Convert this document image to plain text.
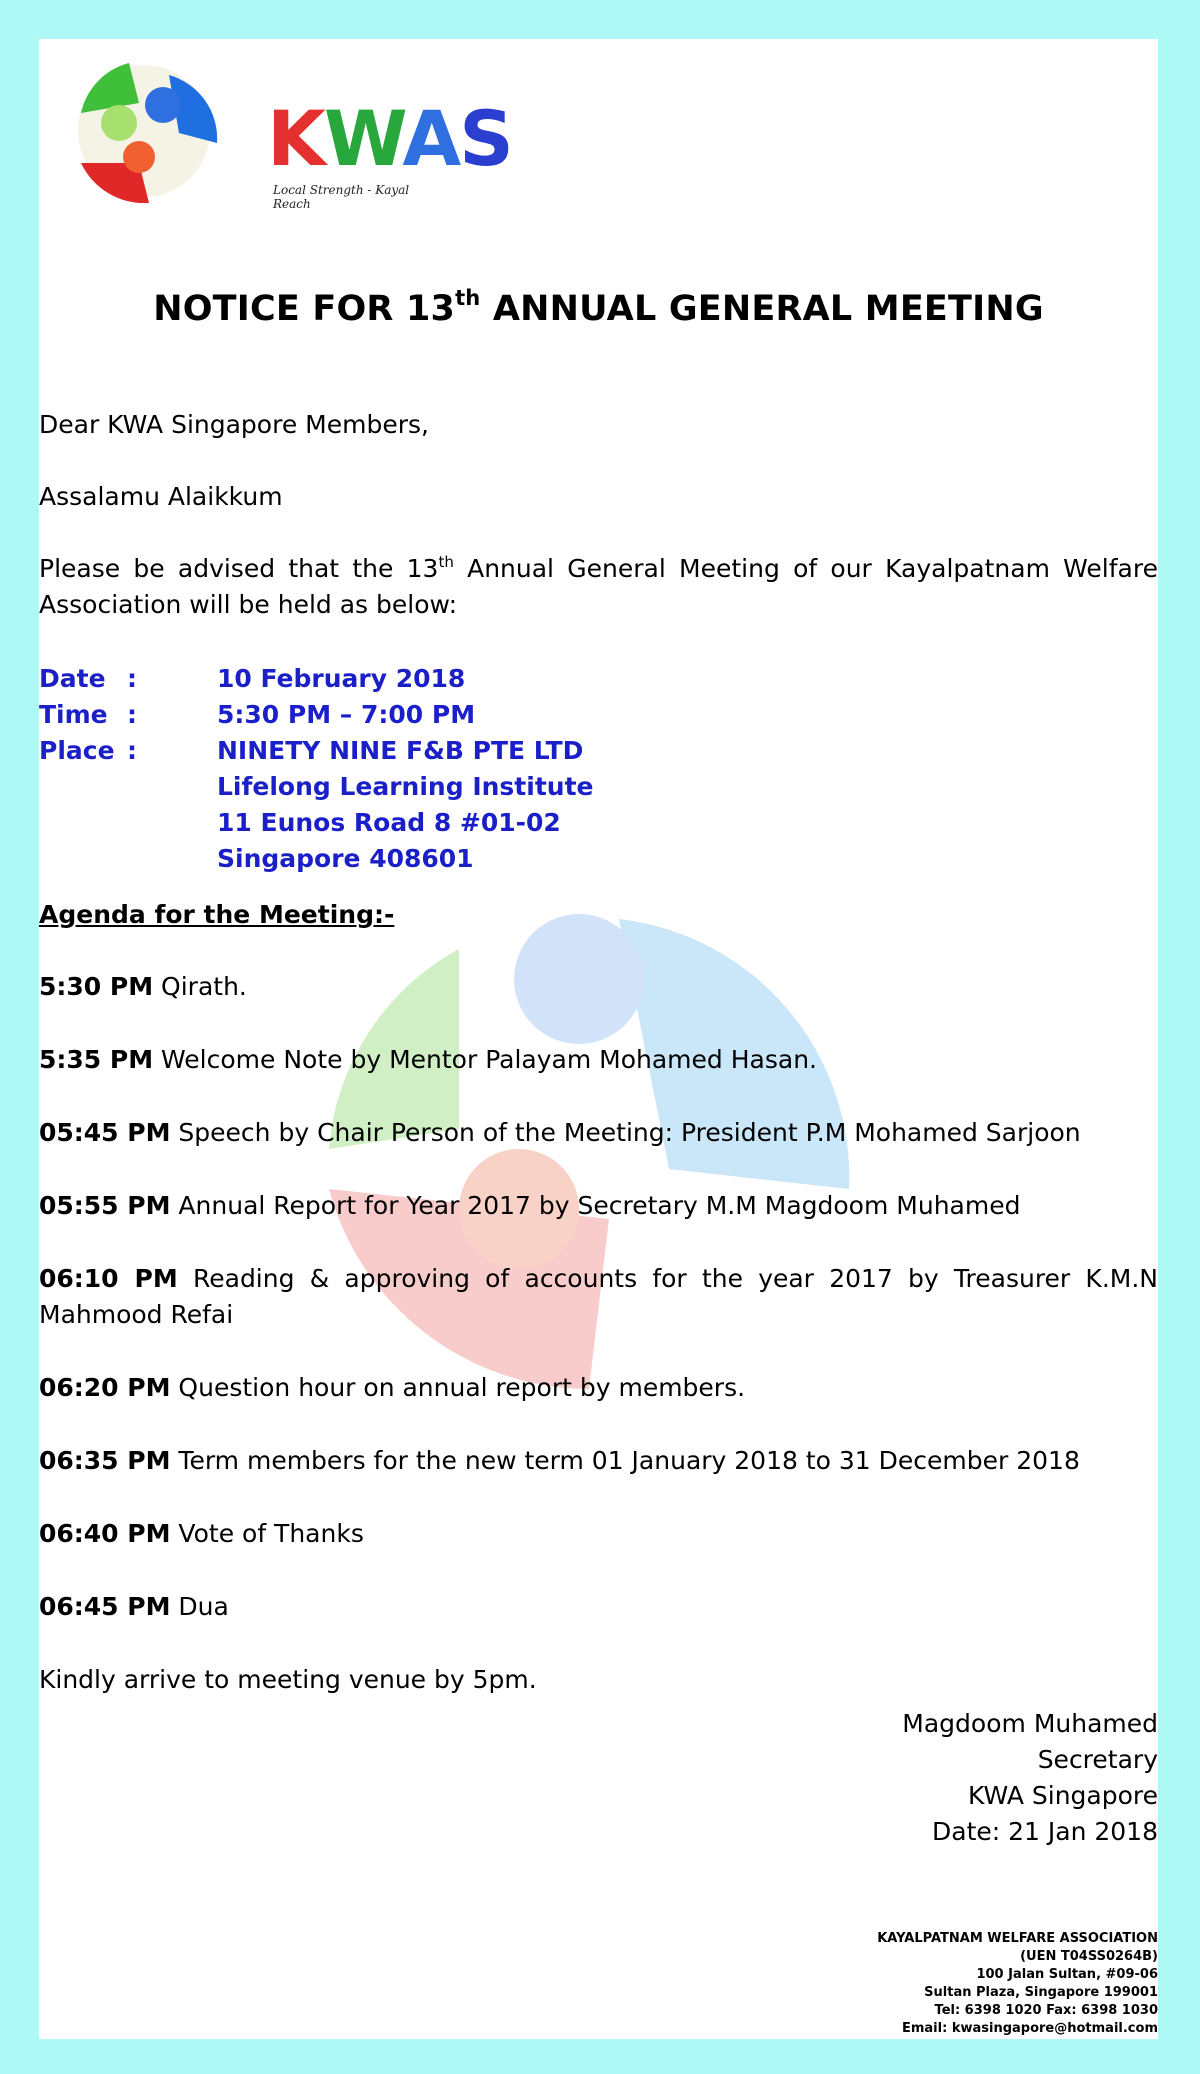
KWAS
Local Strength - Kayal Reach
NOTICE FOR 13th ANNUAL GENERAL MEETING
Dear KWA Singapore Members,
Assalamu Alaikkum
Please be advised that the 13th Annual General Meeting of our Kayalpatnam Welfare Association will be held as below:
Date :	10 February 2018
Time :	5:30 PM – 7:00 PM
Place :	NINETY NINE F&B PTE LTD
Lifelong Learning Institute
11 Eunos Road 8 #01-02
Singapore 408601
Agenda for the Meeting:-
5:30 PM Qirath.
5:35 PM Welcome Note by Mentor Palayam Mohamed Hasan.
05:45 PM Speech by Chair Person of the Meeting: President P.M Mohamed Sarjoon
05:55 PM Annual Report for Year 2017 by Secretary M.M Magdoom Muhamed
06:10 PM Reading & approving of accounts for the year 2017 by Treasurer K.M.N Mahmood Refai
06:20 PM Question hour on annual report by members.
06:35 PM Term members for the new term 01 January 2018 to 31 December 2018
06:40 PM Vote of Thanks
06:45 PM Dua
Kindly arrive to meeting venue by 5pm.
Magdoom Muhamed
Secretary
KWA Singapore
Date: 21 Jan 2018
KAYALPATNAM WELFARE ASSOCIATION
(UEN T04SS0264B)
100 Jalan Sultan, #09-06
Sultan Plaza, Singapore 199001
Tel: 6398 1020 Fax: 6398 1030
Email: kwasingapore@hotmail.com
